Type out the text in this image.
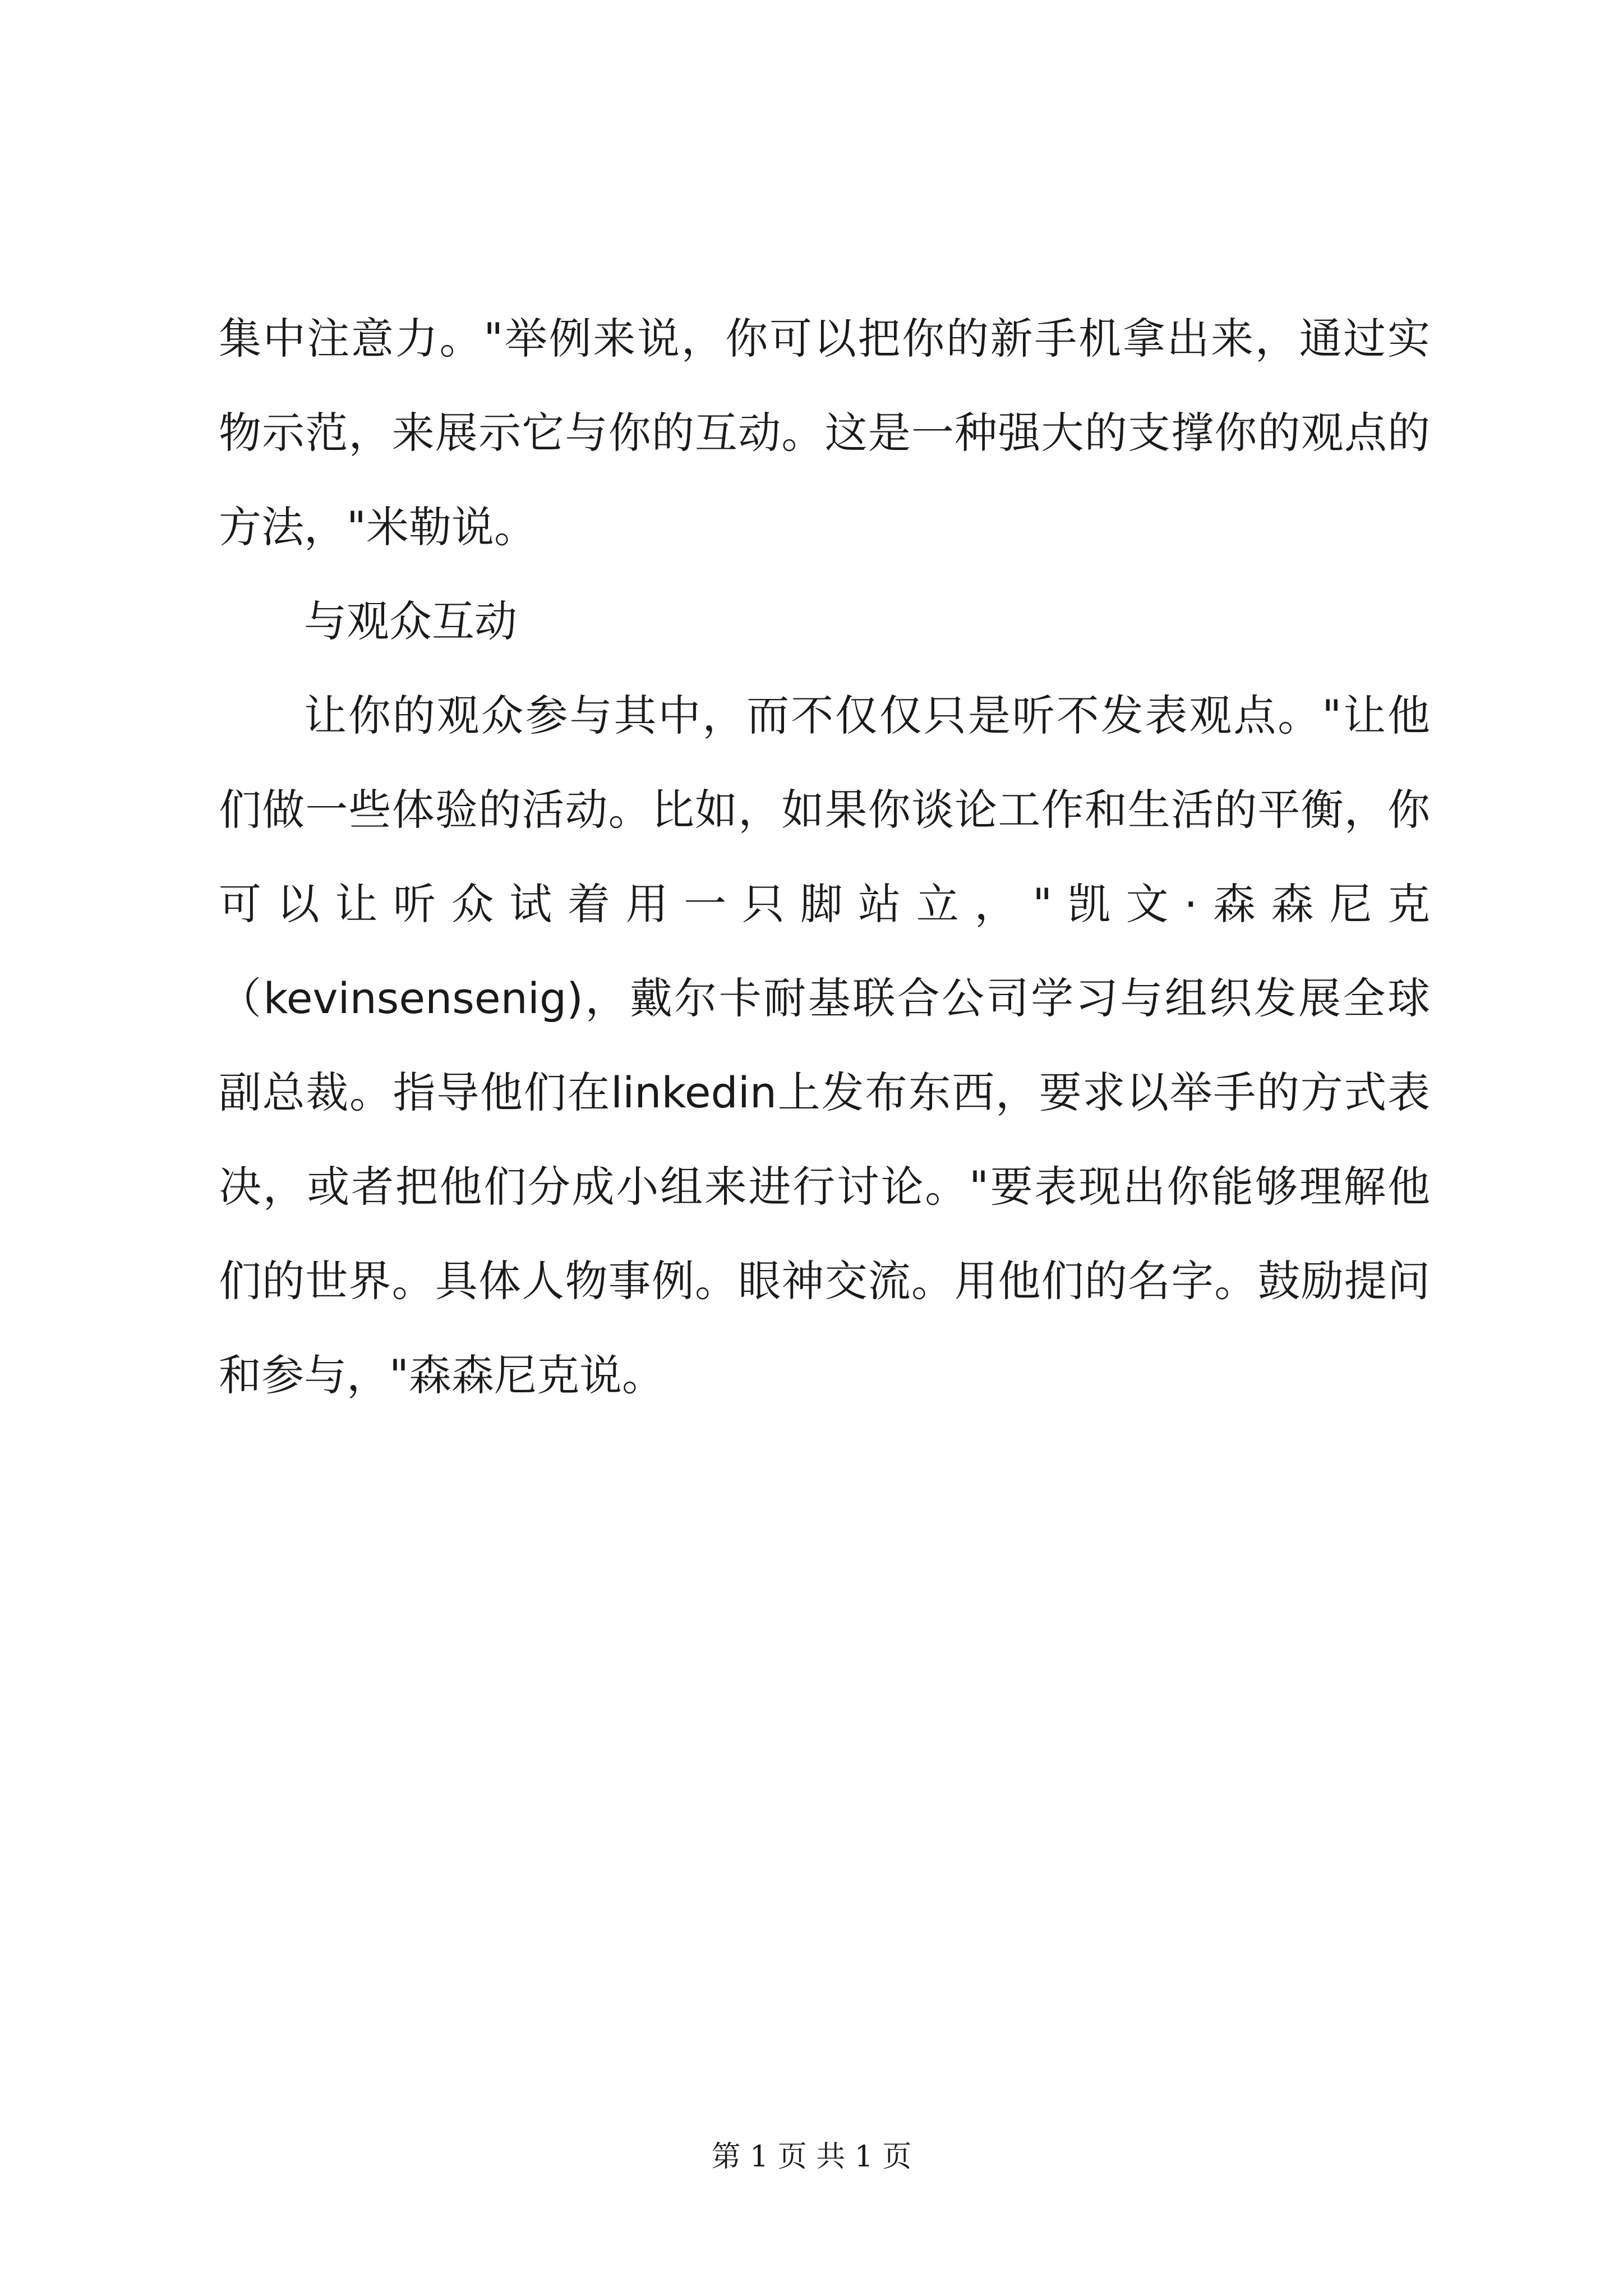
集中注意力。"举例来说，你可以把你的新手机拿出来，通过实物示范，来展示它与你的互动。这是一种强大的支撑你的观点的方法，"米勒说。

与观众互动

让你的观众参与其中，而不仅仅只是听不发表观点。"让他们做一些体验的活动。比如，如果你谈论工作和生活的平衡，你可以让听众试着用一只脚站立，"凯文·森森尼克（kevinsensenig)，戴尔卡耐基联合公司学习与组织发展全球副总裁。指导他们在linkedin上发布东西，要求以举手的方式表决，或者把他们分成小组来进行讨论。"要表现出你能够理解他们的世界。具体人物事例。眼神交流。用他们的名字。鼓励提问和参与，"森森尼克说。

第 1 页 共 1 页
